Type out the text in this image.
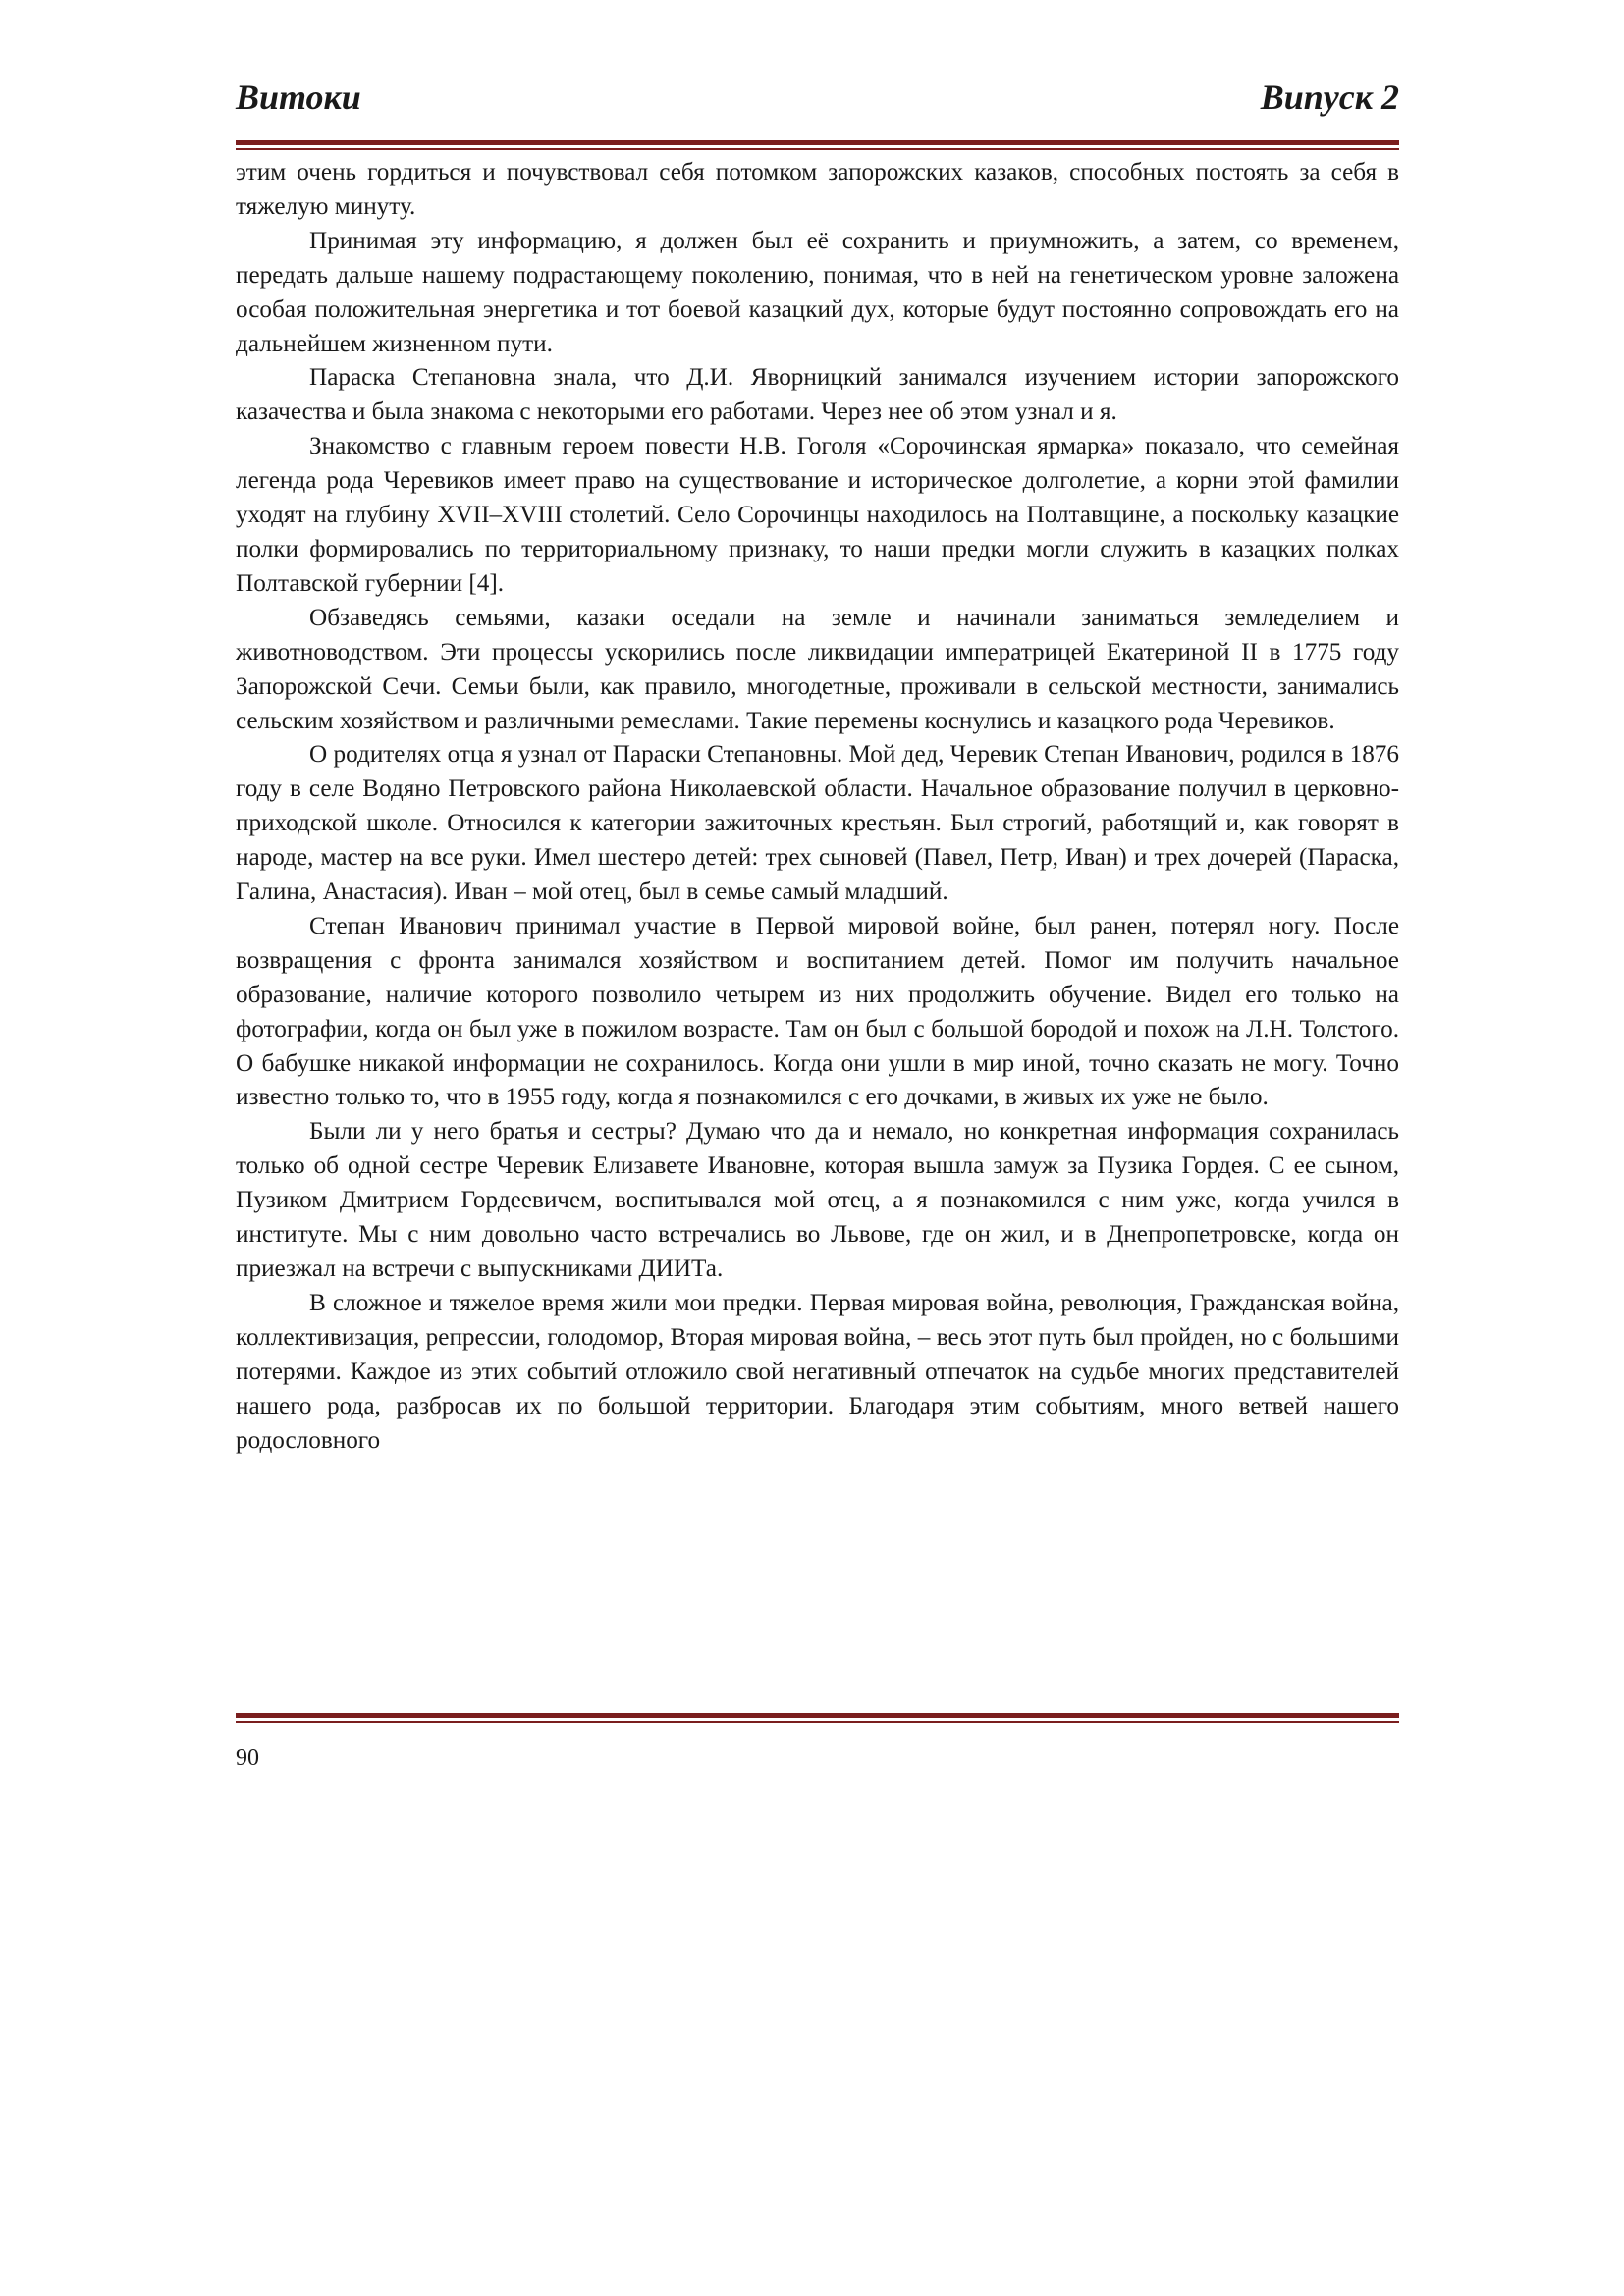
Витоки	Випуск 2

этим очень гордиться и почувствовал себя потомком запорожских казаков, способных постоять за себя в тяжелую минуту.

Принимая эту информацию, я должен был её сохранить и приумножить, а затем, со временем, передать дальше нашему подрастающему поколению, понимая, что в ней на генетическом уровне заложена особая положительная энергетика и тот боевой казацкий дух, которые будут постоянно сопровождать его на дальнейшем жизненном пути.

Параска Степановна знала, что Д.И. Яворницкий занимался изучением истории запорожского казачества и была знакома с некоторыми его работами. Через нее об этом узнал и я.

Знакомство с главным героем повести Н.В. Гоголя «Сорочинская ярмарка» показало, что семейная легенда рода Черевиков имеет право на существование и историческое долголетие, а корни этой фамилии уходят на глубину XVII–XVIII столетий. Село Сорочинцы находилось на Полтавщине, а поскольку казацкие полки формировались по территориальному признаку, то наши предки могли служить в казацких полках Полтавской губернии [4].

Обзаведясь семьями, казаки оседали на земле и начинали заниматься земледелием и животноводством. Эти процессы ускорились после ликвидации императрицей Екатериной II в 1775 году Запорожской Сечи. Семьи были, как правило, многодетные, проживали в сельской местности, занимались сельским хозяйством и различными ремеслами. Такие перемены коснулись и казацкого рода Черевиков.

О родителях отца я узнал от Параски Степановны. Мой дед, Черевик Степан Иванович, родился в 1876 году в селе Водяно Петровского района Николаевской области. Начальное образование получил в церковно-приходской школе. Относился к категории зажиточных крестьян. Был строгий, работящий и, как говорят в народе, мастер на все руки. Имел шестеро детей: трех сыновей (Павел, Петр, Иван) и трех дочерей (Параска, Галина, Анастасия). Иван – мой отец, был в семье самый младший.

Степан Иванович принимал участие в Первой мировой войне, был ранен, потерял ногу. После возвращения с фронта занимался хозяйством и воспитанием детей. Помог им получить начальное образование, наличие которого позволило четырем из них продолжить обучение. Видел его только на фотографии, когда он был уже в пожилом возрасте. Там он был с большой бородой и похож на Л.Н. Толстого. О бабушке никакой информации не сохранилось. Когда они ушли в мир иной, точно сказать не могу. Точно известно только то, что в 1955 году, когда я познакомился с его дочками, в живых их уже не было.

Были ли у него братья и сестры? Думаю что да и немало, но конкретная информация сохранилась только об одной сестре Черевик Елизавете Ивановне, которая вышла замуж за Пузика Гордея. С ее сыном, Пузиком Дмитрием Гордеевичем, воспитывался мой отец, а я познакомился с ним уже, когда учился в институте. Мы с ним довольно часто встречались во Львове, где он жил, и в Днепропетровске, когда он приезжал на встречи с выпускниками ДИИТа.

В сложное и тяжелое время жили мои предки. Первая мировая война, революция, Гражданская война, коллективизация, репрессии, голодомор, Вторая мировая война, – весь этот путь был пройден, но с большими потерями. Каждое из этих событий отложило свой негативный отпечаток на судьбе многих представителей нашего рода, разбросав их по большой территории. Благодаря этим событиям, много ветвей нашего родословного

90
